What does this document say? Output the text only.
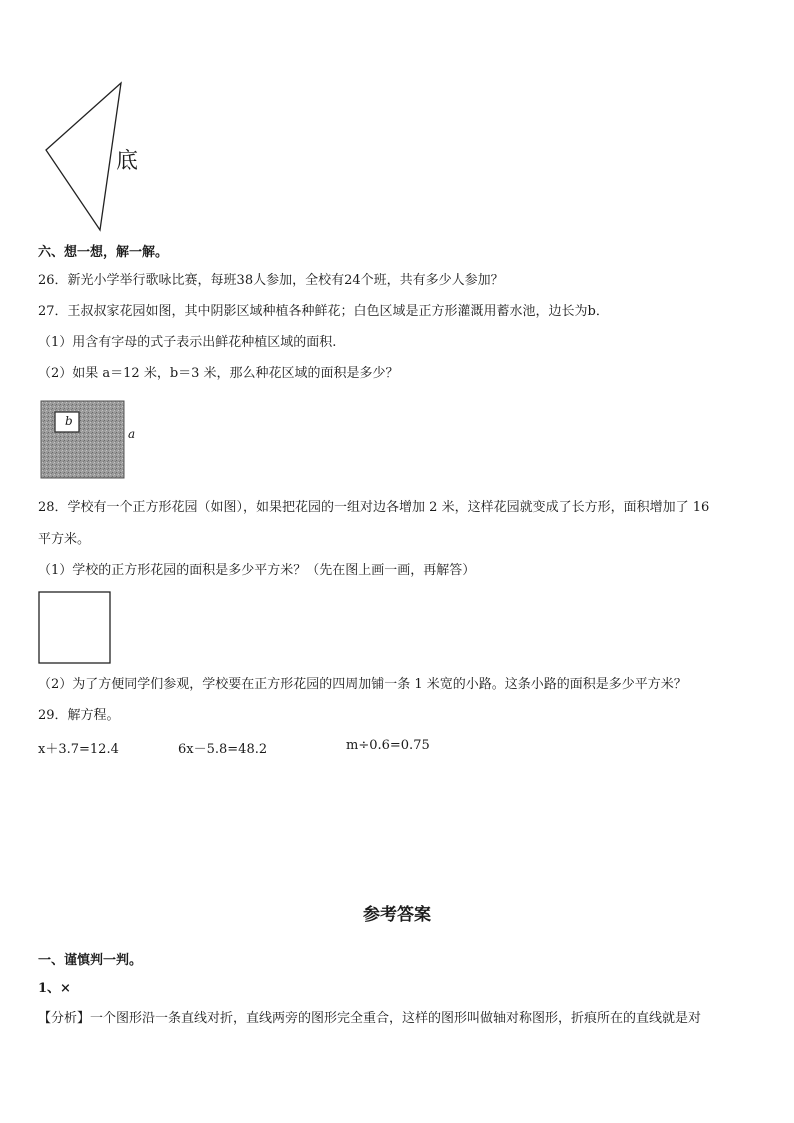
底
六、想一想，解一解。
26．新光小学举行歌咏比赛，每班38人参加，全校有24个班，共有多少人参加？
27．王叔叔家花园如图，其中阴影区域种植各种鲜花；白色区域是正方形灌溉用蓄水池，边长为b．
（1）用含有字母的式子表示出鲜花种植区域的面积.
（2）如果 a＝12 米，b＝3 米，那么种花区域的面积是多少？
b
a
28．学校有一个正方形花园（如图），如果把花园的一组对边各增加 2 米，这样花园就变成了长方形，面积增加了 16
平方米。
（1）学校的正方形花园的面积是多少平方米？（先在图上画一画，再解答）
（2）为了方便同学们参观，学校要在正方形花园的四周加铺一条 1 米宽的小路。这条小路的面积是多少平方米？
29．解方程。
x＋3.7=12.4	6x－5.8=48.2	m÷0.6=0.75
参考答案
一、谨慎判一判。
1、×
【分析】一个图形沿一条直线对折，直线两旁的图形完全重合，这样的图形叫做轴对称图形，折痕所在的直线就是对
